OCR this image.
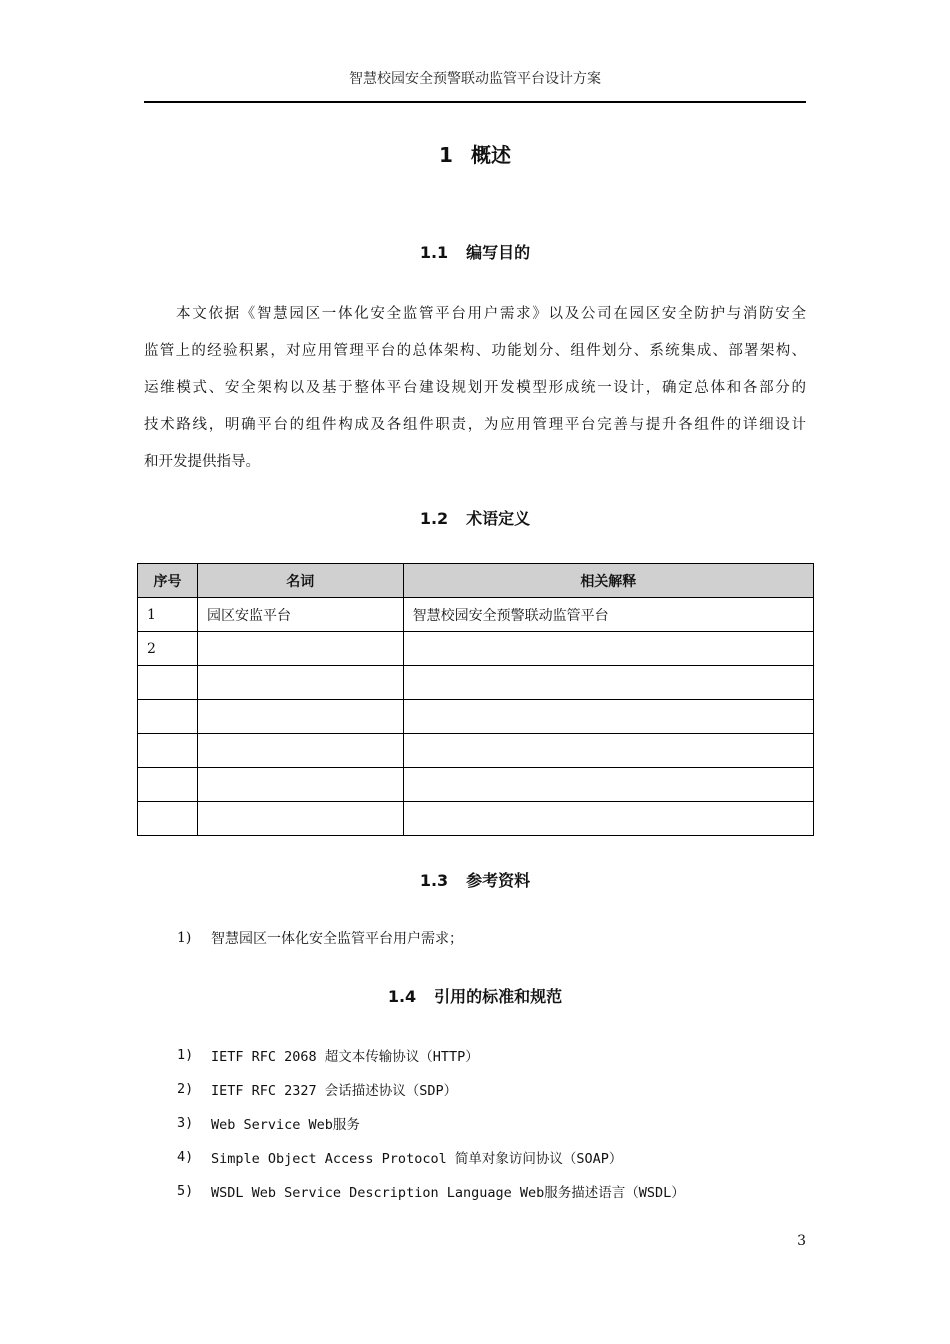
智慧校园安全预警联动监管平台设计方案
1 概述
1.1 编写目的
本文依据《智慧园区一体化安全监管平台用户需求》以及公司在园区安全防护与消防安全
监管上的经验积累，对应用管理平台的总体架构、功能划分、组件划分、系统集成、部署架构、
运维模式、安全架构以及基于整体平台建设规划开发模型形成统一设计，确定总体和各部分的
技术路线，明确平台的组件构成及各组件职责，为应用管理平台完善与提升各组件的详细设计
和开发提供指导。
1.2 术语定义
序号	名词	相关解释
1	园区安监平台	智慧校园安全预警联动监管平台
2		

1.3 参考资料
1)	智慧园区一体化安全监管平台用户需求；
1.4 引用的标准和规范
1)	IETF RFC 2068 超文本传输协议（HTTP）
2)	IETF RFC 2327 会话描述协议（SDP）
3)	Web Service Web服务
4)	Simple Object Access Protocol 简单对象访问协议（SOAP）
5)	WSDL Web Service Description Language Web服务描述语言（WSDL）
3
